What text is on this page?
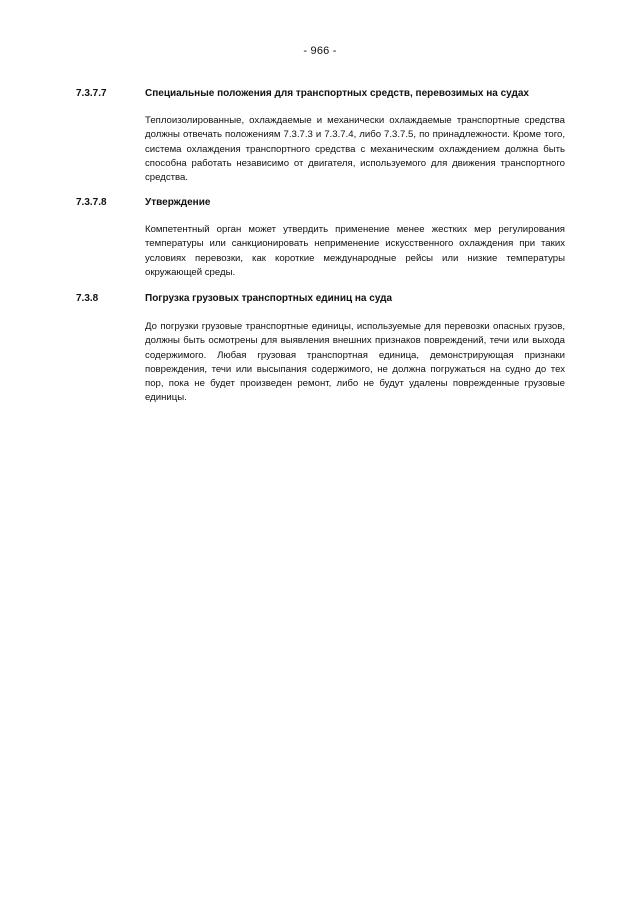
- 966 -
7.3.7.7	Специальные положения для транспортных средств, перевозимых на судах
Теплоизолированные, охлаждаемые и механически охлаждаемые транспортные средства должны отвечать положениям 7.3.7.3 и 7.3.7.4, либо 7.3.7.5, по принадлежности. Кроме того, система охлаждения транспортного средства с механическим охлаждением должна быть способна работать независимо от двигателя, используемого для движения транспортного средства.
7.3.7.8	Утверждение
Компетентный орган может утвердить применение менее жестких мер регулирования температуры или санкционировать неприменение искусственного охлаждения при таких условиях перевозки, как короткие международные рейсы или низкие температуры окружающей среды.
7.3.8	Погрузка грузовых транспортных единиц на суда
До погрузки грузовые транспортные единицы, используемые для перевозки опасных грузов, должны быть осмотрены для выявления внешних признаков повреждений, течи или выхода содержимого. Любая грузовая транспортная единица, демонстрирующая признаки повреждения, течи или высыпания содержимого, не должна погружаться на судно до тех пор, пока не будет произведен ремонт, либо не будут удалены поврежденные грузовые единицы.
